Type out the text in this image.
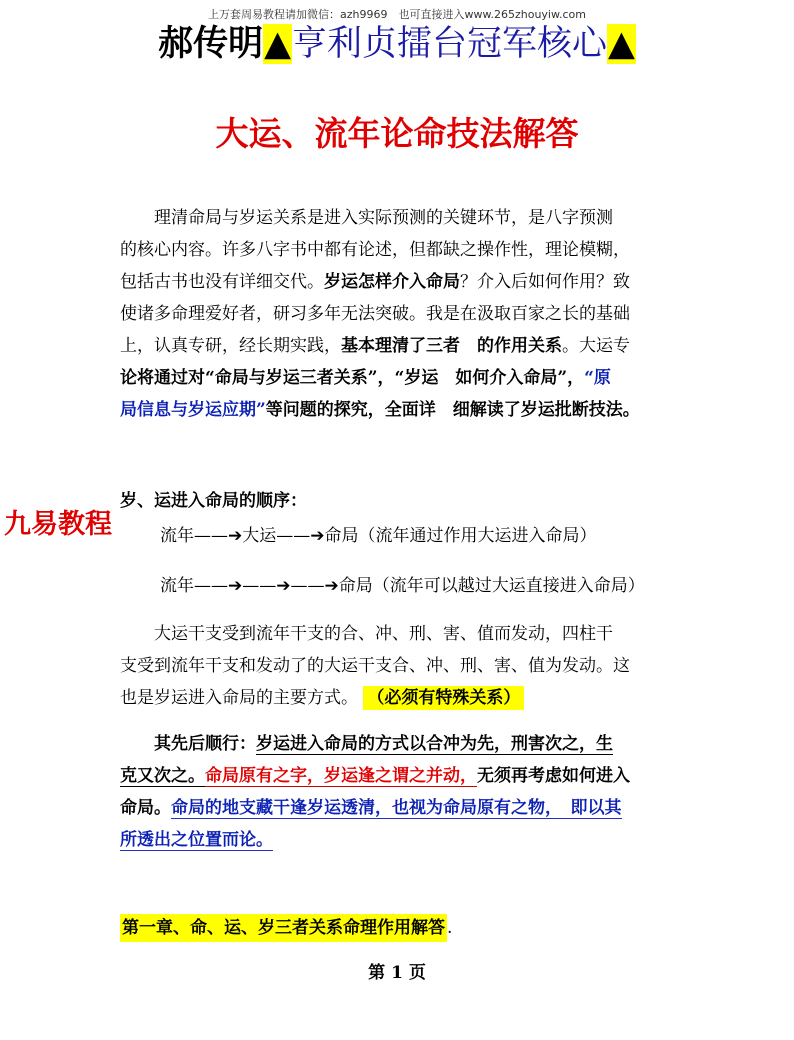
上万套周易教程请加微信：azh9969　也可直接进入www.265zhouyiw.com
郝传明▲亨利贞擂台冠军核心▲
大运、流年论命技法解答
　　理清命局与岁运关系是进入实际预测的关键环节，是八字预测
的核心内容。许多八字书中都有论述，但都缺之操作性，理论模糊，
包括古书也没有详细交代。岁运怎样介入命局？介入后如何作用？致
使诸多命理爱好者，研习多年无法突破。我是在汲取百家之长的基础
上，认真专研，经长期实践，基本理清了三者　的作用关系。大运专
论将通过对“命局与岁运三者关系”，“岁运　如何介入命局”，“原
局信息与岁运应期”等问题的探究，全面详　细解读了岁运批断技法。
九易教程
岁、运进入命局的顺序：
流年——➔大运——➔命局（流年通过作用大运进入命局）
流年——➔——➔——➔命局（流年可以越过大运直接进入命局）
　　大运干支受到流年干支的合、冲、刑、害、值而发动，四柱干
支受到流年干支和发动了的大运干支合、冲、刑、害、值为发动。这
也是岁运进入命局的主要方式。 （必须有特殊关系）
　　其先后顺行：岁运进入命局的方式以合冲为先，刑害次之，生
克又次之。命局原有之字，岁运逢之谓之并动，无须再考虑如何进入
命局。命局的地支藏干逢岁运透清，也视为命局原有之物，　即以其
所透出之位置而论。
第一章、命、运、岁三者关系命理作用解答 .
第 1 页
